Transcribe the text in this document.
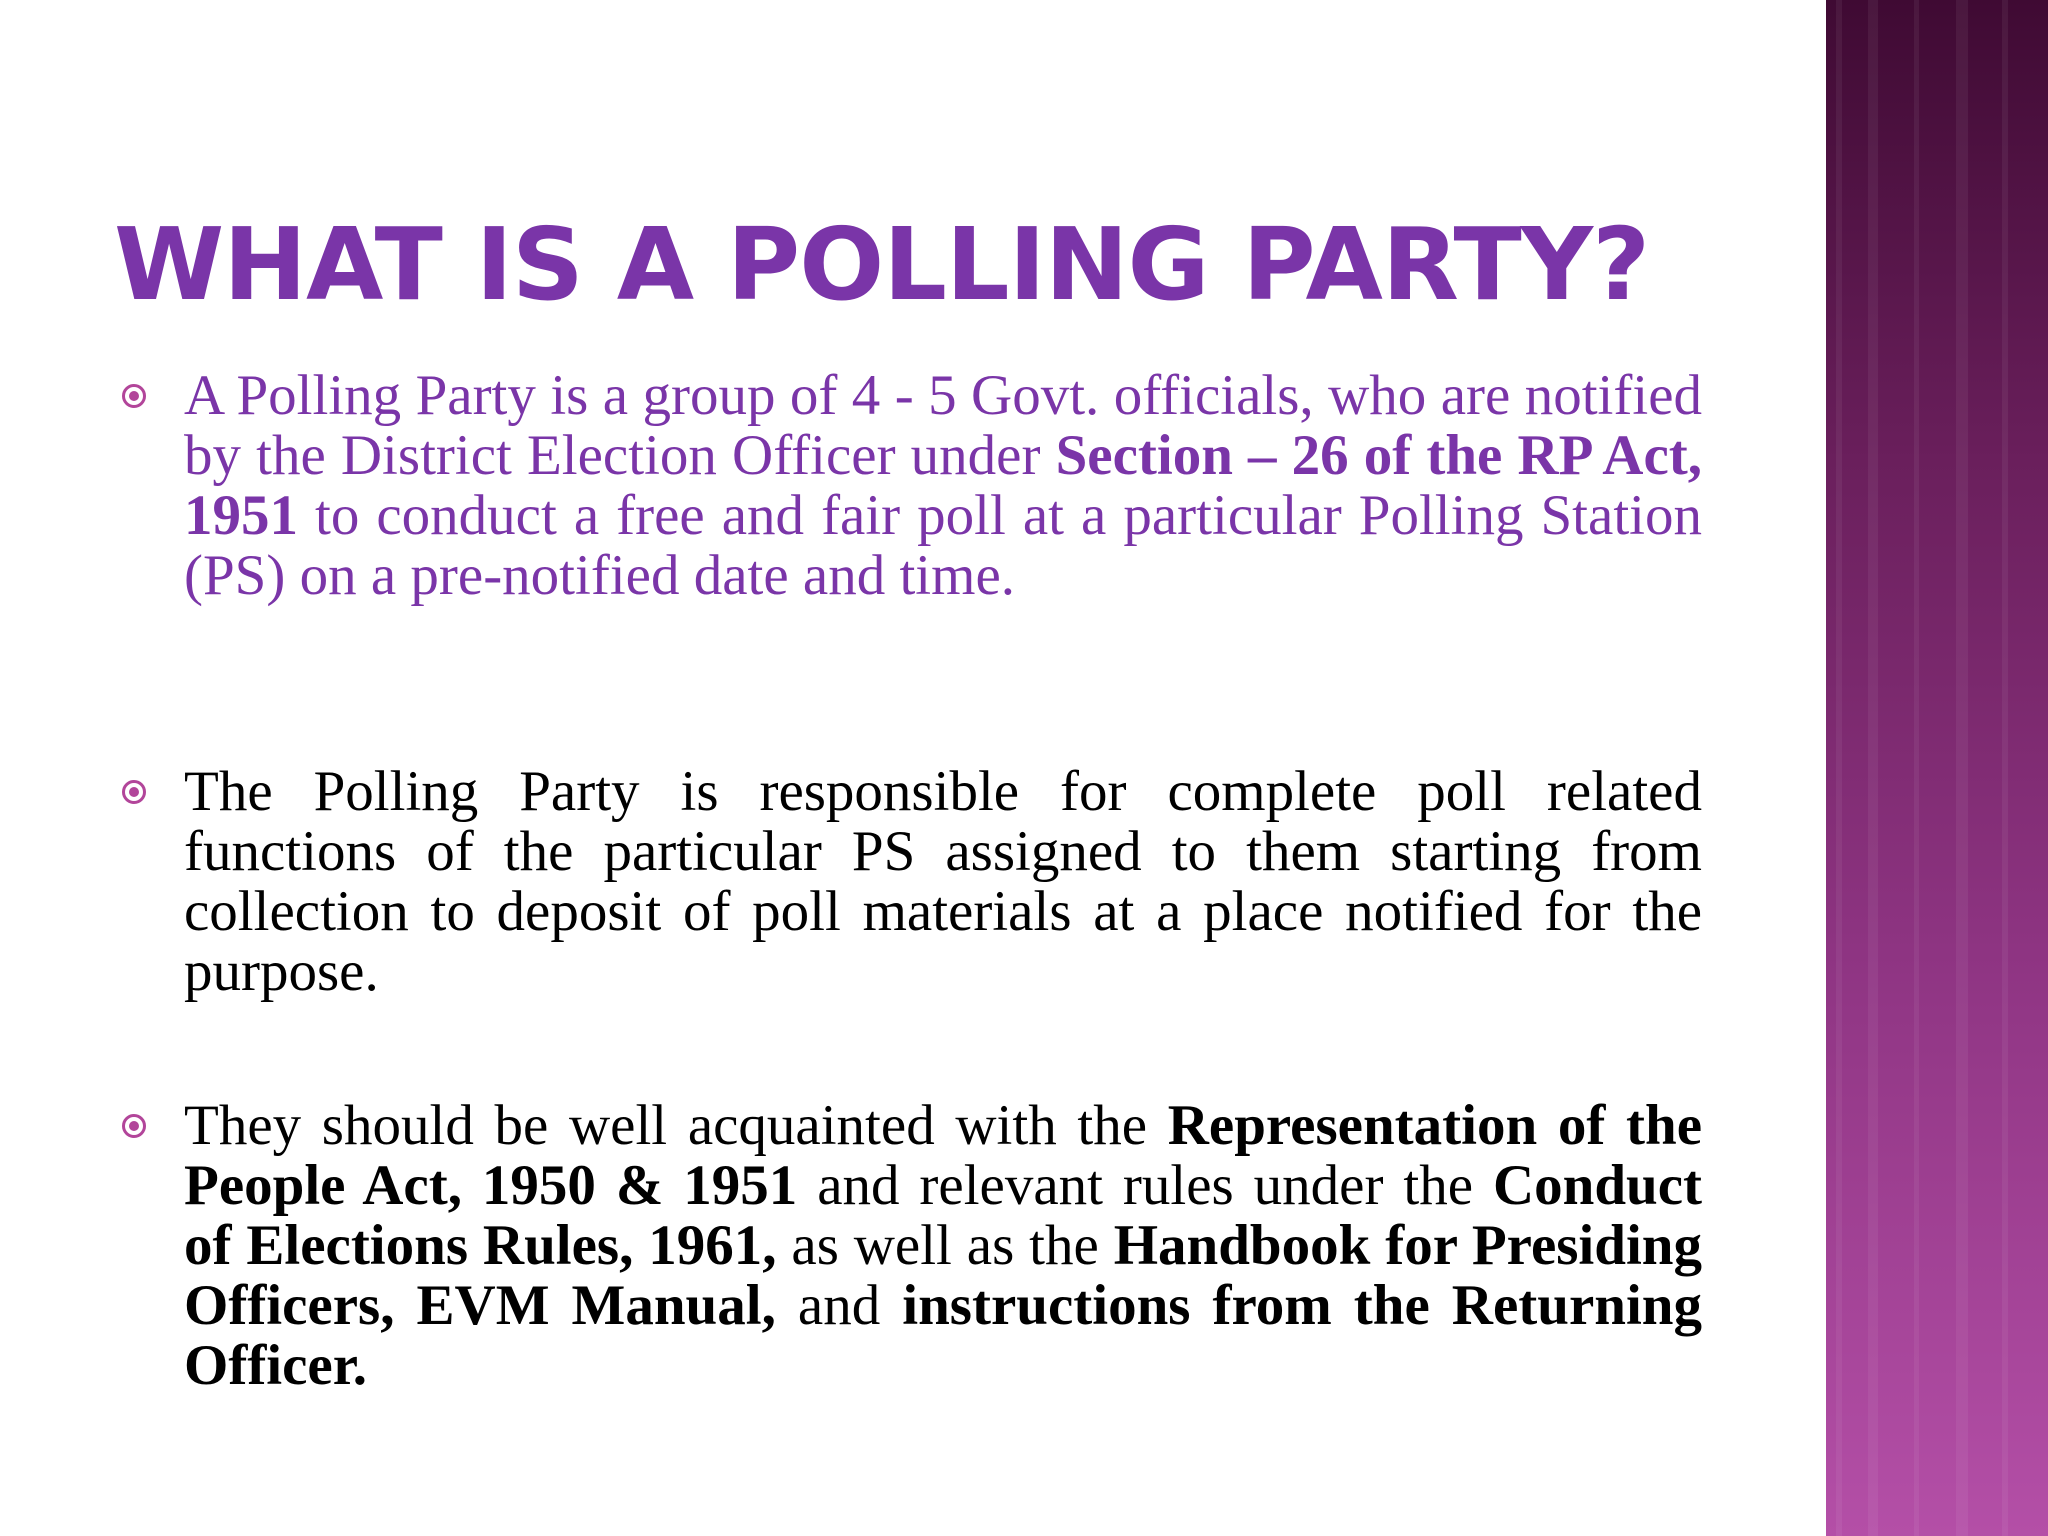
WHAT IS A POLLING PARTY?

A Polling Party is a group of 4 - 5 Govt. officials, who are notified by the District Election Officer under Section – 26 of the RP Act, 1951 to conduct a free and fair poll at a particular Polling Station (PS) on a pre-notified date and time.

The Polling Party is responsible for complete poll related functions of the particular PS assigned to them starting from collection to deposit of poll materials at a place notified for the purpose.

They should be well acquainted with the Representation of the People Act, 1950 & 1951 and relevant rules under the Conduct of Elections Rules, 1961, as well as the Handbook for Presiding Officers, EVM Manual, and instructions from the Returning Officer.
